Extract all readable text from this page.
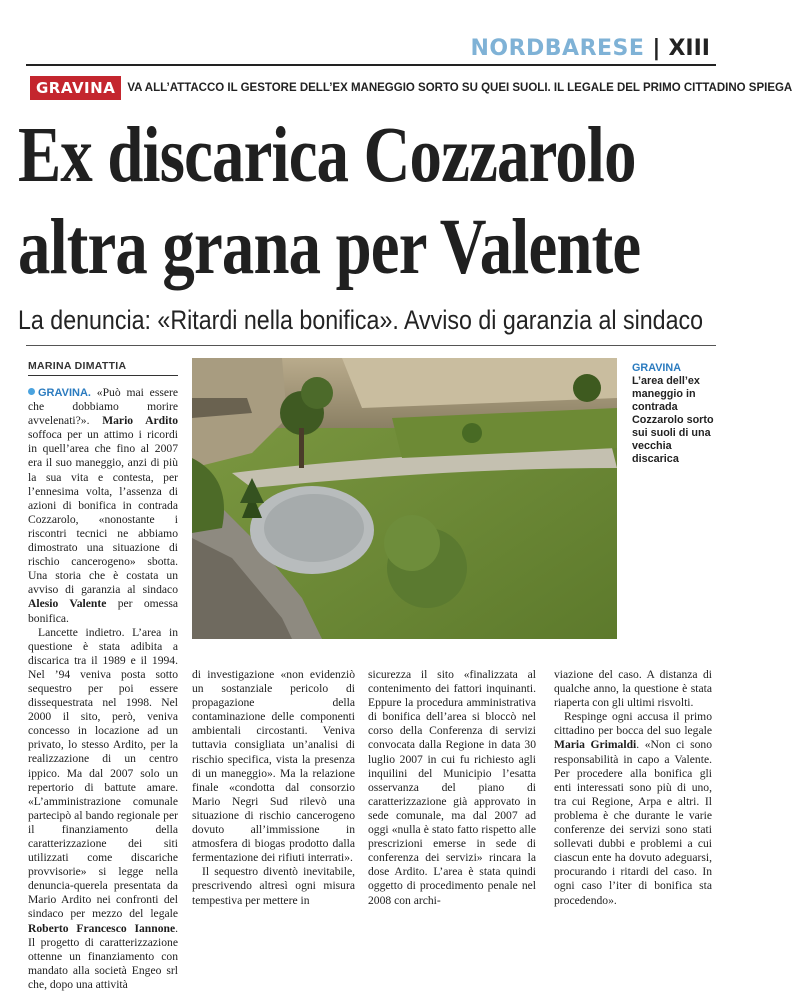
NORDBARESE | XIII
GRAVINA	VA ALL’ATTACCO IL GESTORE DELL’EX MANEGGIO SORTO SU QUEI SUOLI. IL LEGALE DEL PRIMO CITTADINO SPIEGA
Ex discarica Cozzarolo
altra grana per Valente
La denuncia: «Ritardi nella bonifica». Avviso di garanzia al sindaco
MARINA DIMATTIA

GRAVINA. «Può mai essere che dobbiamo morire avvelenati?». Mario Ardito soffoca per un attimo i ricordi in quell’area che fino al 2007 era il suo maneggio, anzi di più la sua vita e contesta, per l’ennesima volta, l’assenza di azioni di bonifica in contrada Cozzarolo, «nonostante i riscontri tecnici ne abbiamo dimostrato una situazione di rischio cancerogeno» sbotta. Una storia che è costata un avviso di garanzia al sindaco Alesio Valente per omessa bonifica.

Lancette indietro. L’area in questione è stata adibita a discarica tra il 1989 e il 1994. Nel ’94 veniva posta sotto sequestro per poi essere dissequestrata nel 1998. Nel 2000 il sito, però, veniva concesso in locazione ad un privato, lo stesso Ardito, per la realizzazione di un centro ippico. Ma dal 2007 solo un repertorio di battute amare. «L’amministrazione comunale partecipò al bando regionale per il finanziamento della caratterizzazione dei siti utilizzati come discariche provvisorie» si legge nella denuncia-querela presentata da Mario Ardito nei confronti del sindaco per mezzo del legale Roberto Francesco Iannone. Il progetto di caratterizzazione ottenne un finanziamento con mandato alla società Engeo srl che, dopo una attività

GRAVINA
L’area dell’ex maneggio in contrada Cozzarolo sorto sui suoli di una vecchia discarica

di investigazione «non evidenziò un sostanziale pericolo di propagazione della contaminazione delle componenti ambientali circostanti. Veniva tuttavia consigliata un’analisi di rischio specifica, vista la presenza di un maneggio». Ma la relazione finale «condotta dal consorzio Mario Negri Sud rilevò una situazione di rischio cancerogeno dovuto all’immissione in atmosfera di biogas prodotto dalla fermentazione dei rifiuti interrati».

Il sequestro diventò inevitabile, prescrivendo altresì ogni misura tempestiva per mettere in

sicurezza il sito «finalizzata al contenimento dei fattori inquinanti. Eppure la procedura amministrativa di bonifica dell’area si bloccò nel corso della Conferenza di servizi convocata dalla Regione in data 30 luglio 2007 in cui fu richiesto agli inquilini del Municipio l’esatta osservanza del piano di caratterizzazione già approvato in sede comunale, ma dal 2007 ad oggi «nulla è stato fatto rispetto alle prescrizioni emerse in sede di conferenza dei servizi» rincara la dose Ardito. L’area è stata quindi oggetto di procedimento penale nel 2008 con archi-

viazione del caso. A distanza di qualche anno, la questione è stata riaperta con gli ultimi risvolti.

Respinge ogni accusa il primo cittadino per bocca del suo legale Maria Grimaldi. «Non ci sono responsabilità in capo a Valente. Per procedere alla bonifica gli enti interessati sono più di uno, tra cui Regione, Arpa e altri. Il problema è che durante le varie conferenze dei servizi sono stati sollevati dubbi e problemi a cui ciascun ente ha dovuto adeguarsi, procurando i ritardi del caso. In ogni caso l’iter di bonifica sta procedendo».
